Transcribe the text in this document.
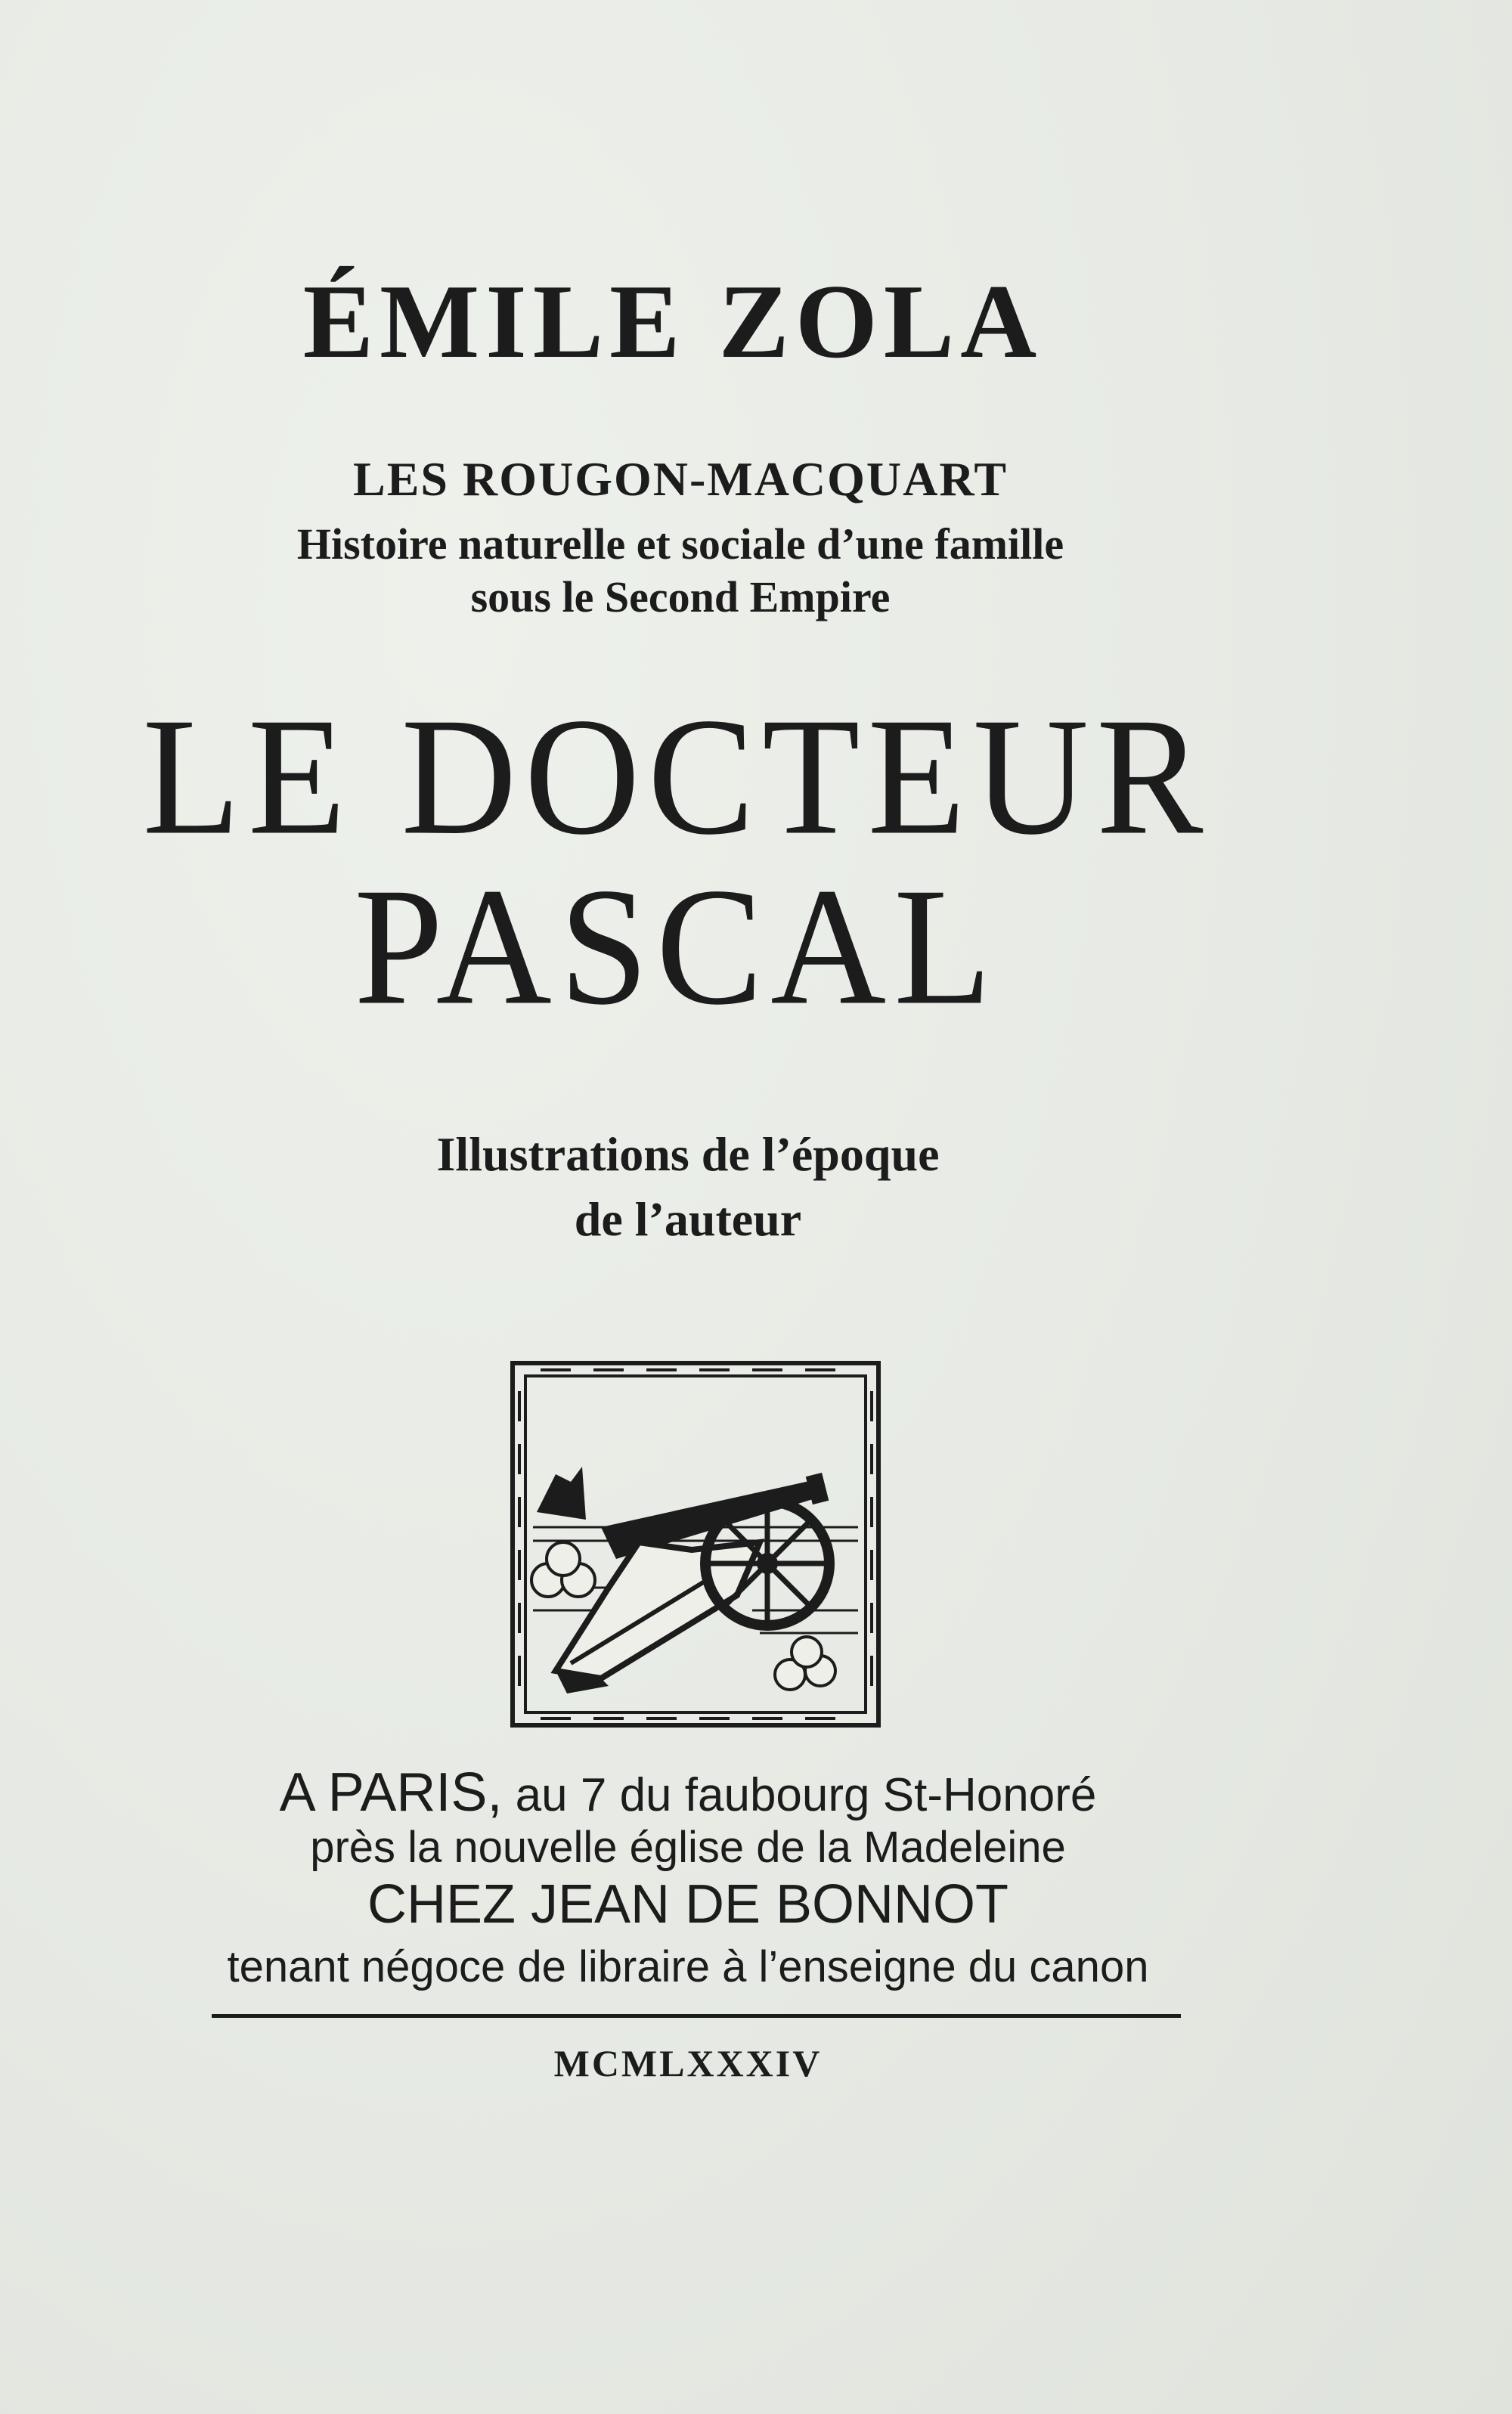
ÉMILE ZOLA
LES ROUGON-MACQUART
Histoire naturelle et sociale d’une famille
sous le Second Empire
LE DOCTEUR
PASCAL
Illustrations de l’époque
de l’auteur
A PARIS, au 7 du faubourg St-Honoré
près la nouvelle église de la Madeleine
CHEZ JEAN DE BONNOT
tenant négoce de libraire à l’enseigne du canon
MCMLXXXIV
